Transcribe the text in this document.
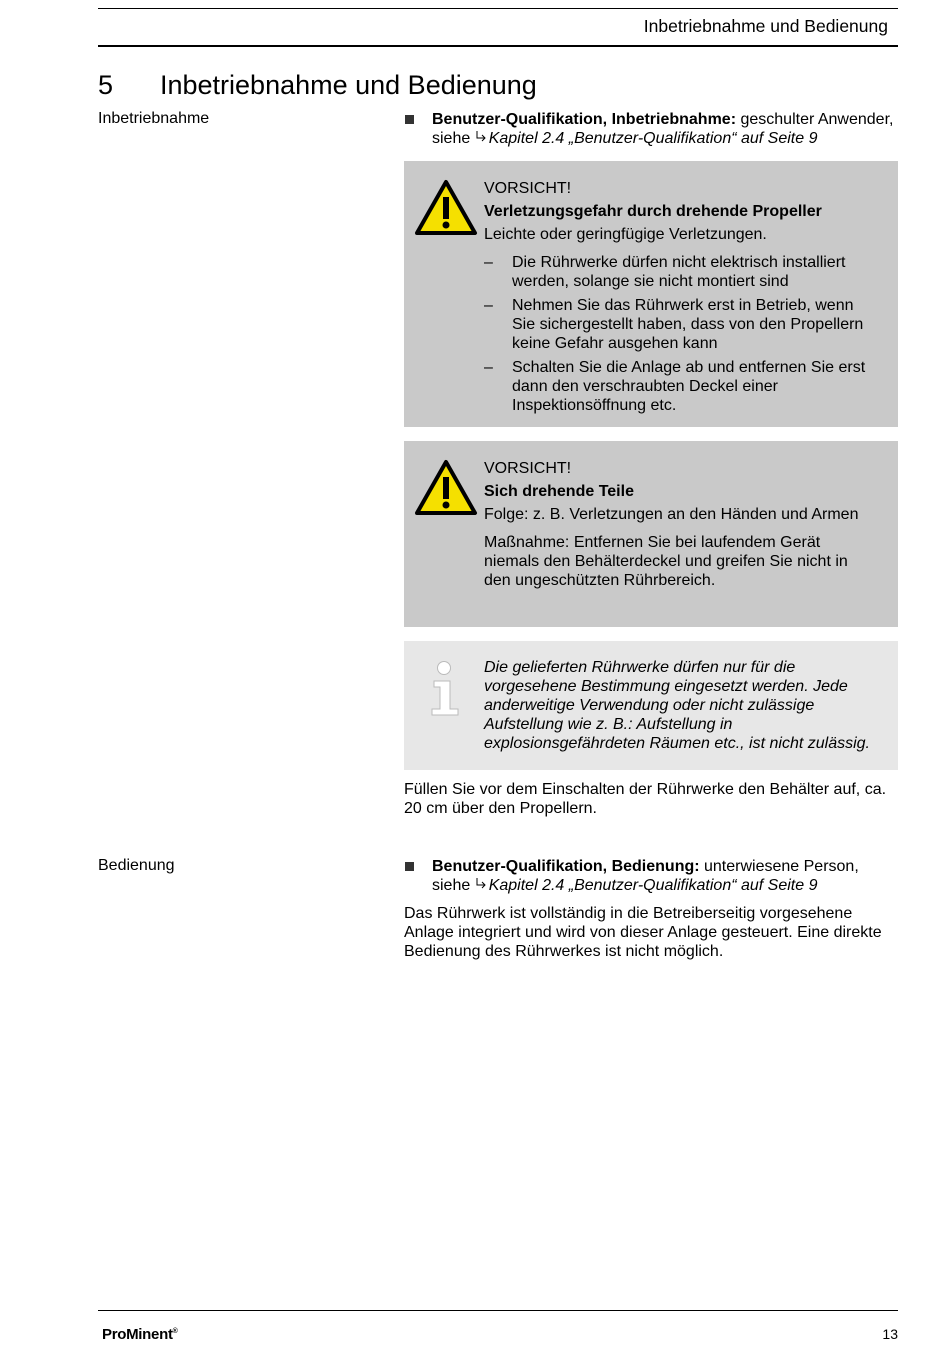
Inbetriebnahme und Bedienung
5 Inbetriebnahme und Bedienung
Inbetriebnahme	Benutzer-Qualifikation, Inbetriebnahme: geschulter Anwender,
siehe Kapitel 2.4 „Benutzer-Qualifikation“ auf Seite 9
VORSICHT!
Verletzungsgefahr durch drehende Propeller
Leichte oder geringfügige Verletzungen.
– Die Rührwerke dürfen nicht elektrisch installiert werden, solange sie nicht montiert sind
– Nehmen Sie das Rührwerk erst in Betrieb, wenn Sie sichergestellt haben, dass von den Propellern keine Gefahr ausgehen kann
– Schalten Sie die Anlage ab und entfernen Sie erst dann den verschraubten Deckel einer Inspektionsöffnung etc.
VORSICHT!
Sich drehende Teile
Folge: z. B. Verletzungen an den Händen und Armen
Maßnahme: Entfernen Sie bei laufendem Gerät niemals den Behälterdeckel und greifen Sie nicht in den ungeschützten Rührbereich.
Die gelieferten Rührwerke dürfen nur für die vorgesehene Bestimmung eingesetzt werden. Jede anderweitige Verwendung oder nicht zulässige Aufstellung wie z. B.: Aufstellung in explosionsgefährdeten Räumen etc., ist nicht zulässig.
Füllen Sie vor dem Einschalten der Rührwerke den Behälter auf, ca. 20 cm über den Propellern.
Bedienung	Benutzer-Qualifikation, Bedienung: unterwiesene Person,
siehe Kapitel 2.4 „Benutzer-Qualifikation“ auf Seite 9
Das Rührwerk ist vollständig in die Betreiberseitig vorgesehene Anlage integriert und wird von dieser Anlage gesteuert. Eine direkte Bedienung des Rührwerkes ist nicht möglich.
ProMinent®	13
